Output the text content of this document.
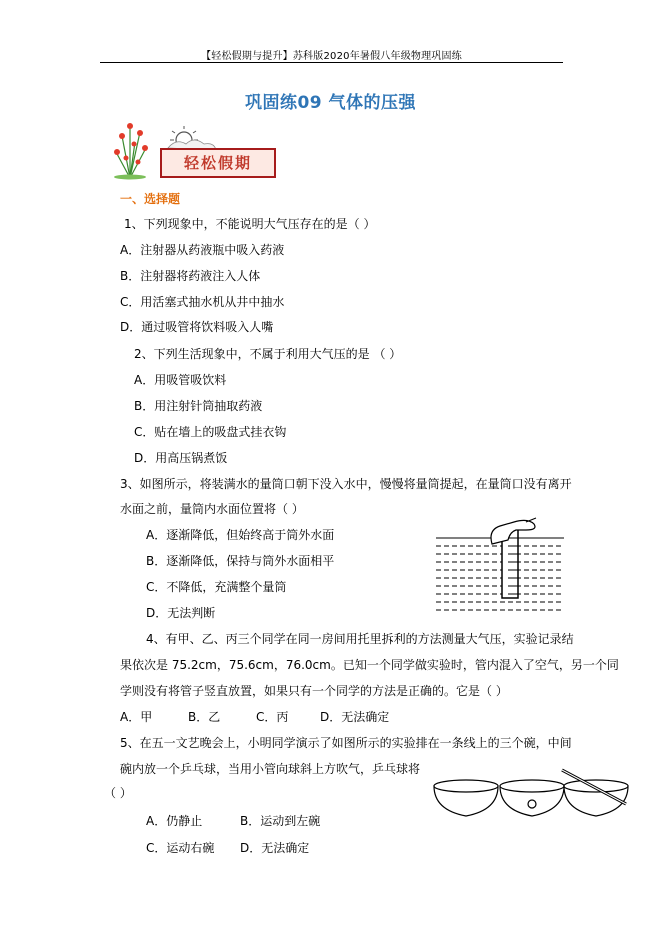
【轻松假期与提升】苏科版2020年暑假八年级物理巩固练
巩固练09 气体的压强
轻松假期
一、选择题
1、下列现象中，不能说明大气压存在的是（ ）
A．注射器从药液瓶中吸入药液
B．注射器将药液注入人体
C．用活塞式抽水机从井中抽水
D．通过吸管将饮料吸入人嘴
2、下列生活现象中，不属于利用大气压的是 （ ）
A．用吸管吸饮料
B．用注射针筒抽取药液
C．贴在墙上的吸盘式挂衣钩
D．用高压锅煮饭
3、如图所示，将装满水的量筒口朝下没入水中，慢慢将量筒提起，在量筒口没有离开
水面之前，量筒内水面位置将（ ）
A．逐渐降低，但始终高于筒外水面
B．逐渐降低，保持与筒外水面相平
C．不降低，充满整个量筒
D．无法判断
4、有甲、乙、丙三个同学在同一房间用托里拆利的方法测量大气压，实验记录结
果依次是 75.2cm，75.6cm，76.0cm。已知一个同学做实验时，管内混入了空气，另一个同
学则没有将管子竖直放置，如果只有一个同学的方法是正确的。它是（ ）
A．甲	B．乙	C．丙	D．无法确定
5、在五一文艺晚会上，小明同学演示了如图所示的实验排在一条线上的三个碗，中间
碗内放一个乒乓球，当用小管向球斜上方吹气，乒乓球将
（ ）
A．仍静止	B．运动到左碗
C．运动右碗 D．无法确定
